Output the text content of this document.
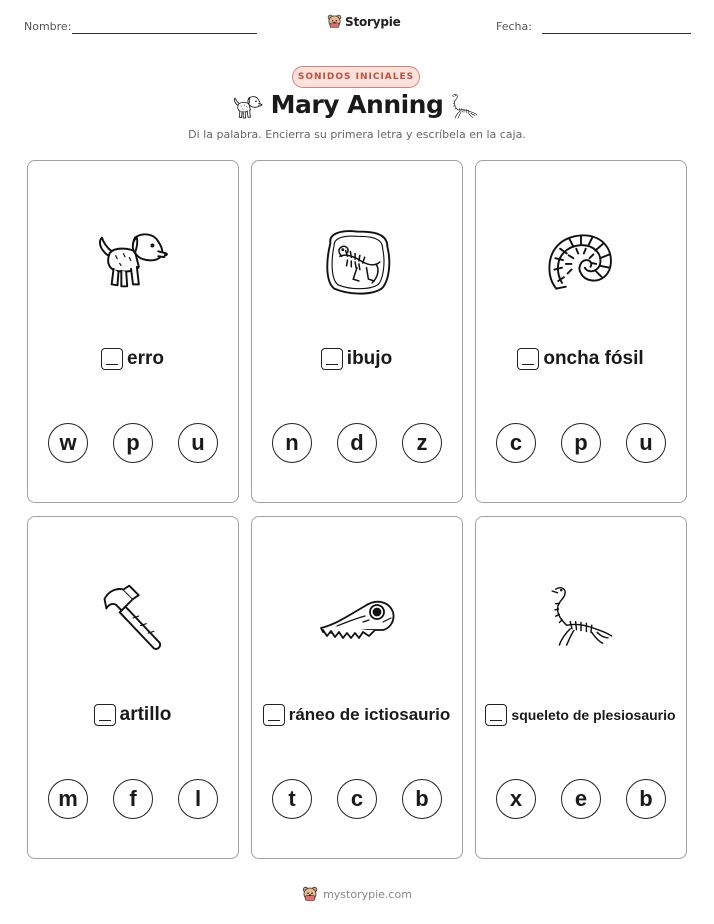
Nombre:	Storypie	Fecha:
SONIDOS INICIALES
Mary Anning
Di la palabra. Encierra su primera letra y escríbela en la caja.
erro
w	p	u
ibujo
n	d	z
oncha fósil
c	p	u
artillo
m	f	l
ráneo de ictiosaurio
t	c	b
squeleto de plesiosaurio
x	e	b
mystorypie.com
